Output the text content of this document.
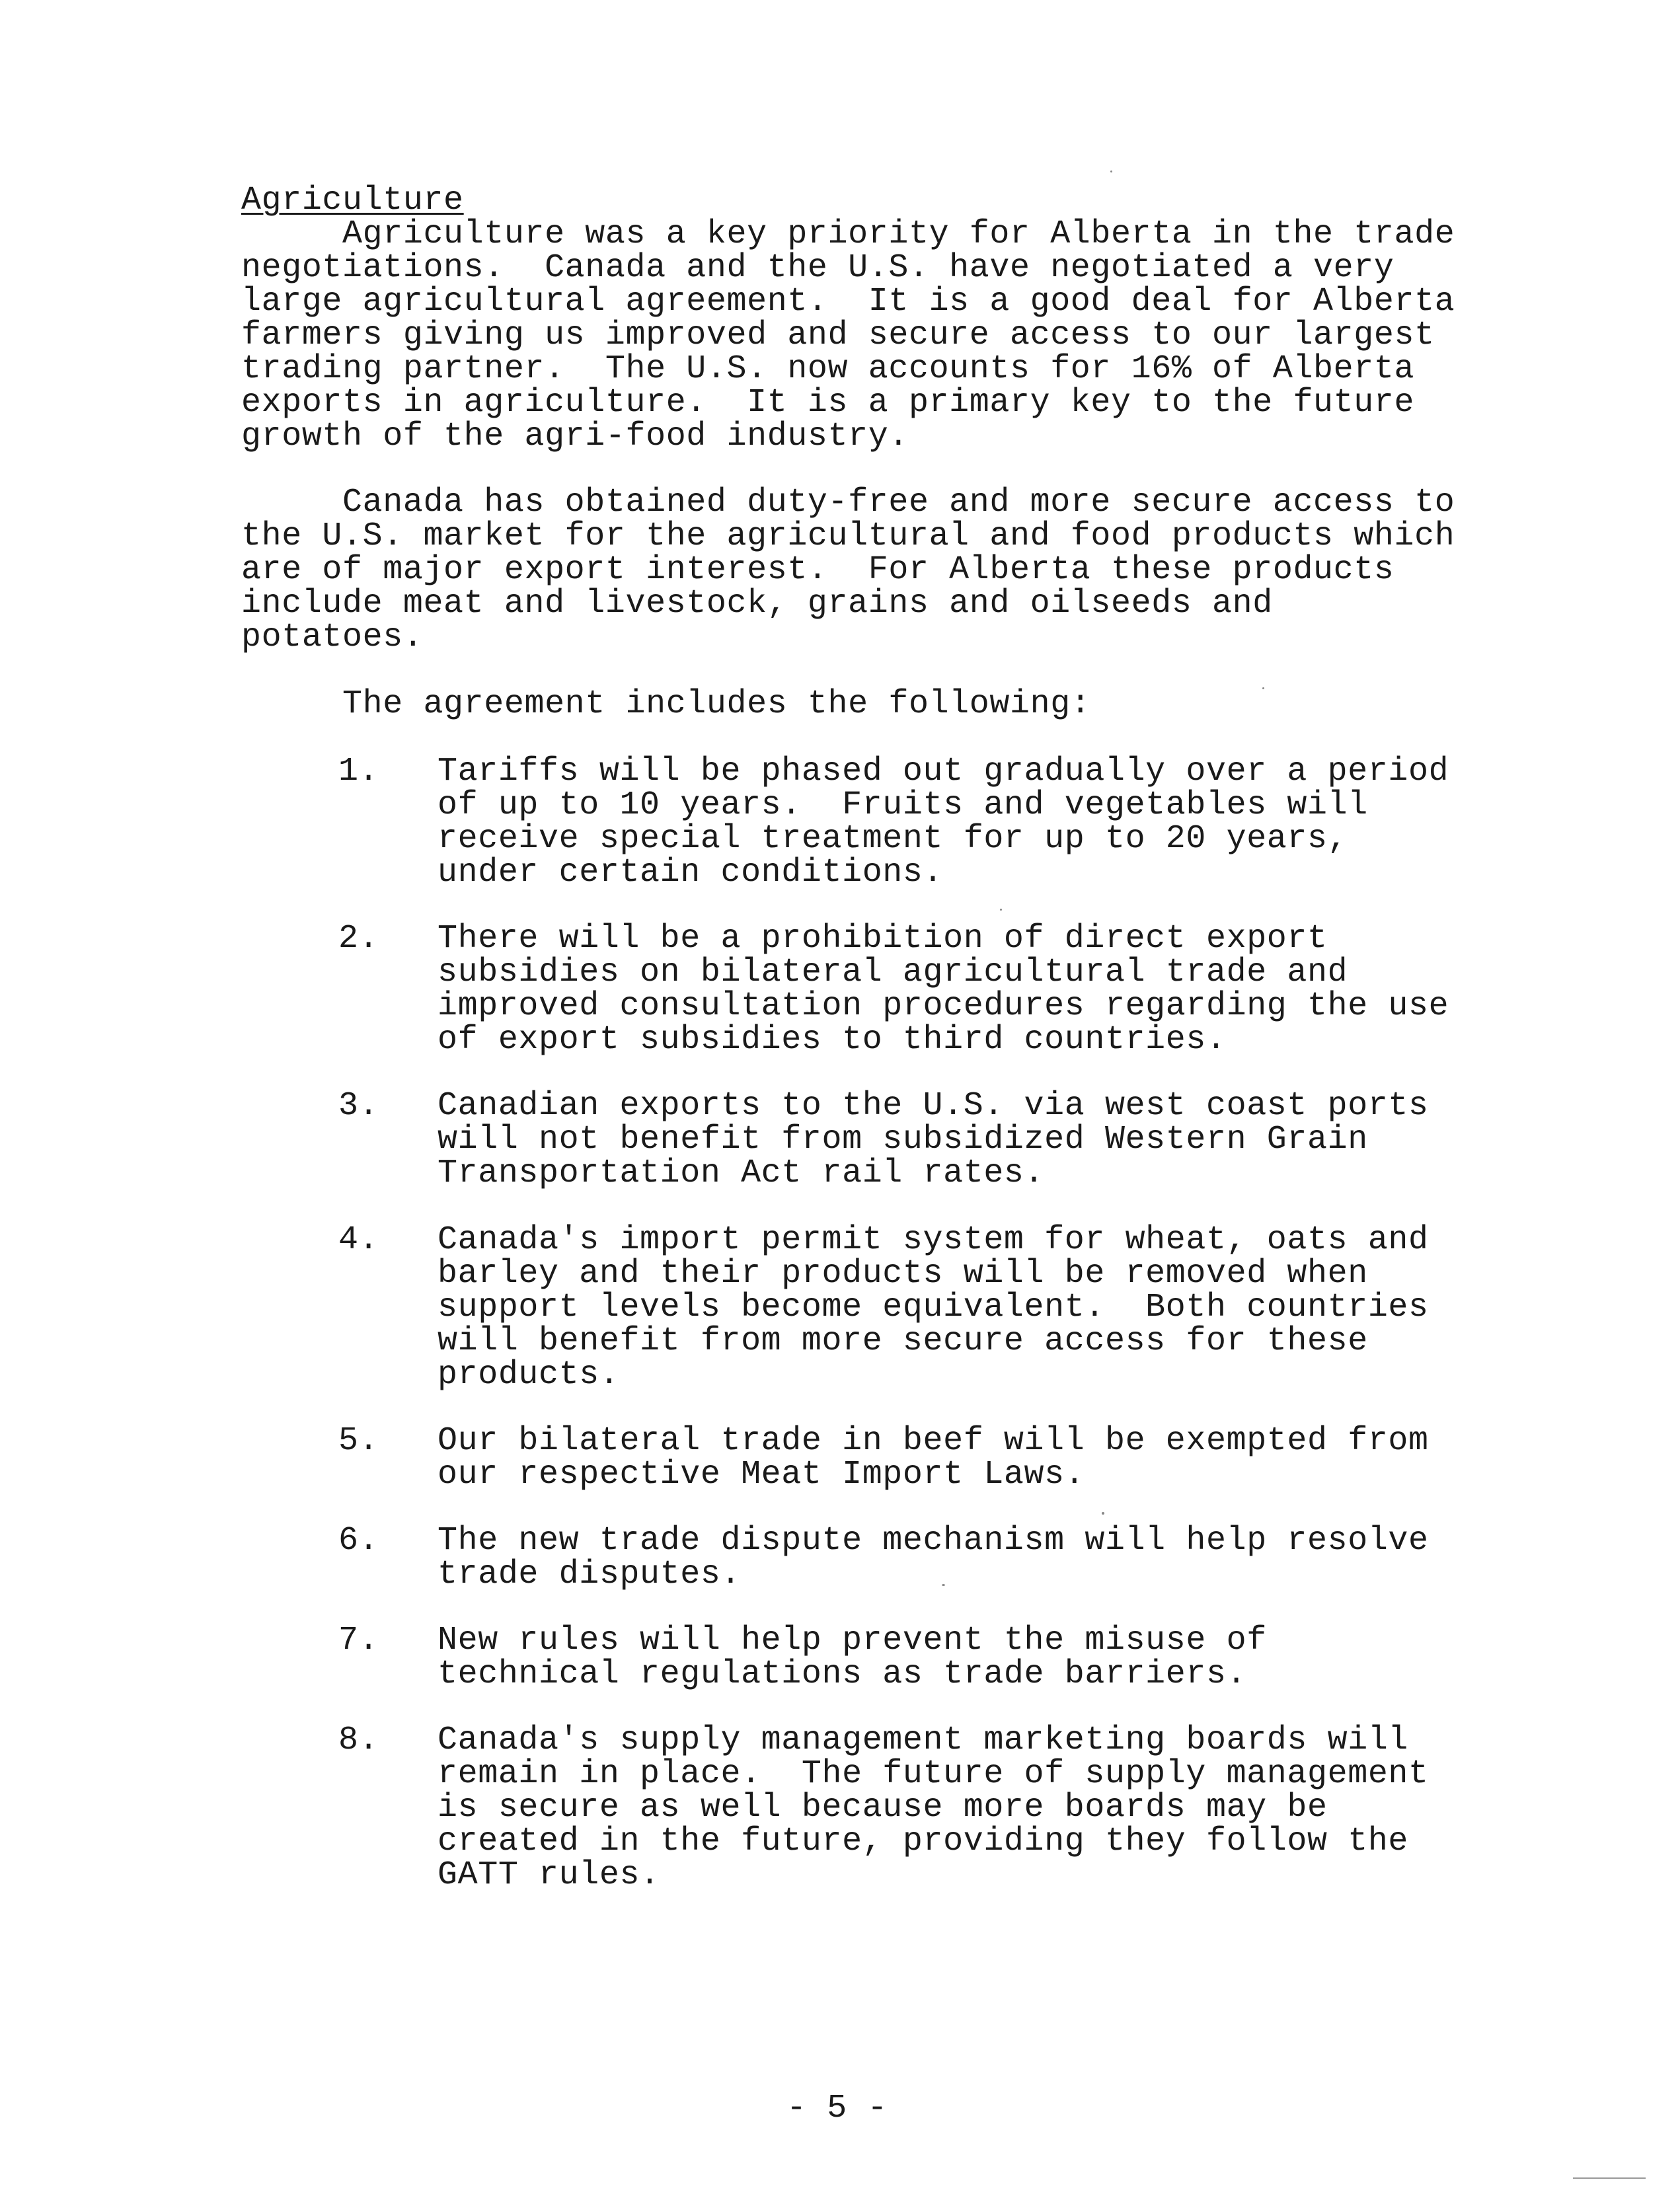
Agriculture
Agriculture was a key priority for Alberta in the trade
negotiations.  Canada and the U.S. have negotiated a very
large agricultural agreement.  It is a good deal for Alberta
farmers giving us improved and secure access to our largest
trading partner.  The U.S. now accounts for 16% of Alberta
exports in agriculture.  It is a primary key to the future
growth of the agri-food industry.
Canada has obtained duty-free and more secure access to
the U.S. market for the agricultural and food products which
are of major export interest.  For Alberta these products
include meat and livestock, grains and oilseeds and
potatoes.
The agreement includes the following:
1. Tariffs will be phased out gradually over a period
of up to 10 years.  Fruits and vegetables will
receive special treatment for up to 20 years,
under certain conditions.
2. There will be a prohibition of direct export
subsidies on bilateral agricultural trade and
improved consultation procedures regarding the use
of export subsidies to third countries.
3. Canadian exports to the U.S. via west coast ports
will not benefit from subsidized Western Grain
Transportation Act rail rates.
4. Canada's import permit system for wheat, oats and
barley and their products will be removed when
support levels become equivalent.  Both countries
will benefit from more secure access for these
products.
5. Our bilateral trade in beef will be exempted from
our respective Meat Import Laws.
6. The new trade dispute mechanism will help resolve
trade disputes.
7. New rules will help prevent the misuse of
technical regulations as trade barriers.
8. Canada's supply management marketing boards will
remain in place.  The future of supply management
is secure as well because more boards may be
created in the future, providing they follow the
GATT rules.
- 5 -
